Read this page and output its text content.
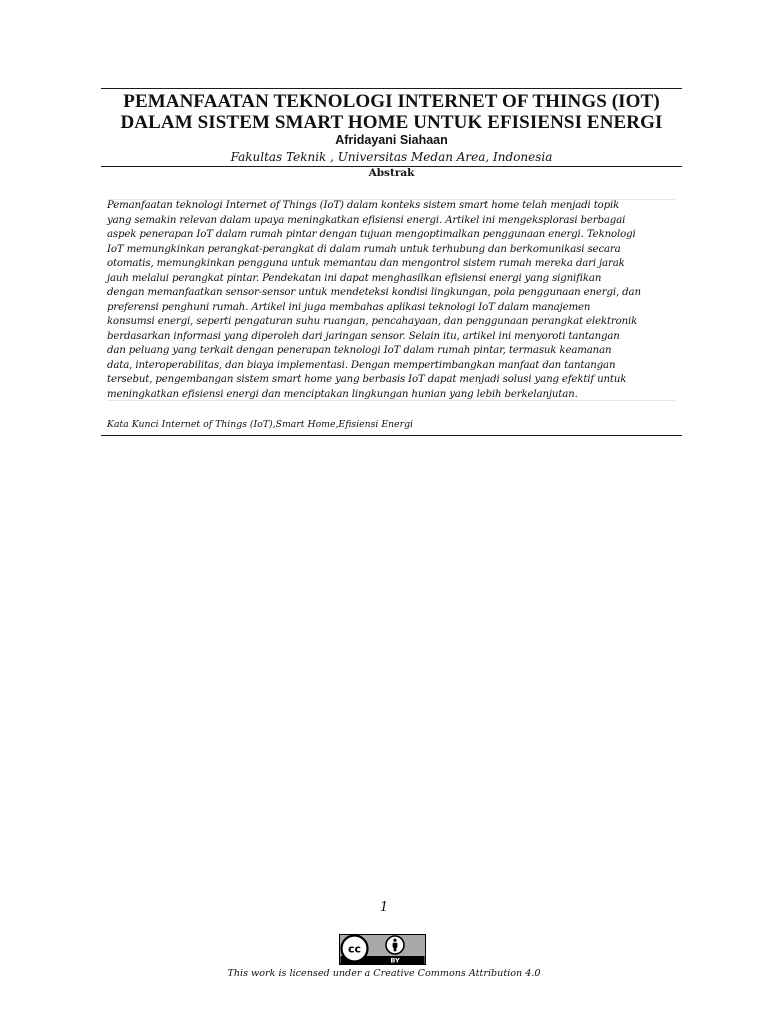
PEMANFAATAN TEKNOLOGI INTERNET OF THINGS (IOT)
DALAM SISTEM SMART HOME UNTUK EFISIENSI ENERGI
Afridayani Siahaan
Fakultas Teknik , Universitas Medan Area, Indonesia
Abstrak
Pemanfaatan teknologi Internet of Things (IoT) dalam konteks sistem smart home telah menjadi topik
yang semakin relevan dalam upaya meningkatkan efisiensi energi. Artikel ini mengeksplorasi berbagai
aspek penerapan IoT dalam rumah pintar dengan tujuan mengoptimalkan penggunaan energi. Teknologi
IoT memungkinkan perangkat-perangkat di dalam rumah untuk terhubung dan berkomunikasi secara
otomatis, memungkinkan pengguna untuk memantau dan mengontrol sistem rumah mereka dari jarak
jauh melalui perangkat pintar. Pendekatan ini dapat menghasilkan efisiensi energi yang signifikan
dengan memanfaatkan sensor-sensor untuk mendeteksi kondisi lingkungan, pola penggunaan energi, dan
preferensi penghuni rumah. Artikel ini juga membahas aplikasi teknologi IoT dalam manajemen
konsumsi energi, seperti pengaturan suhu ruangan, pencahayaan, dan penggunaan perangkat elektronik
berdasarkan informasi yang diperoleh dari jaringan sensor. Selain itu, artikel ini menyoroti tantangan
dan peluang yang terkait dengan penerapan teknologi IoT dalam rumah pintar, termasuk keamanan
data, interoperabilitas, dan biaya implementasi. Dengan mempertimbangkan manfaat dan tantangan
tersebut, pengembangan sistem smart home yang berbasis IoT dapat menjadi solusi yang efektif untuk
meningkatkan efisiensi energi dan menciptakan lingkungan hunian yang lebih berkelanjutan.
Kata Kunci Internet of Things (IoT),Smart Home,Efisiensi Energi
1
cc
BY
This work is licensed under a Creative Commons Attribution 4.0
